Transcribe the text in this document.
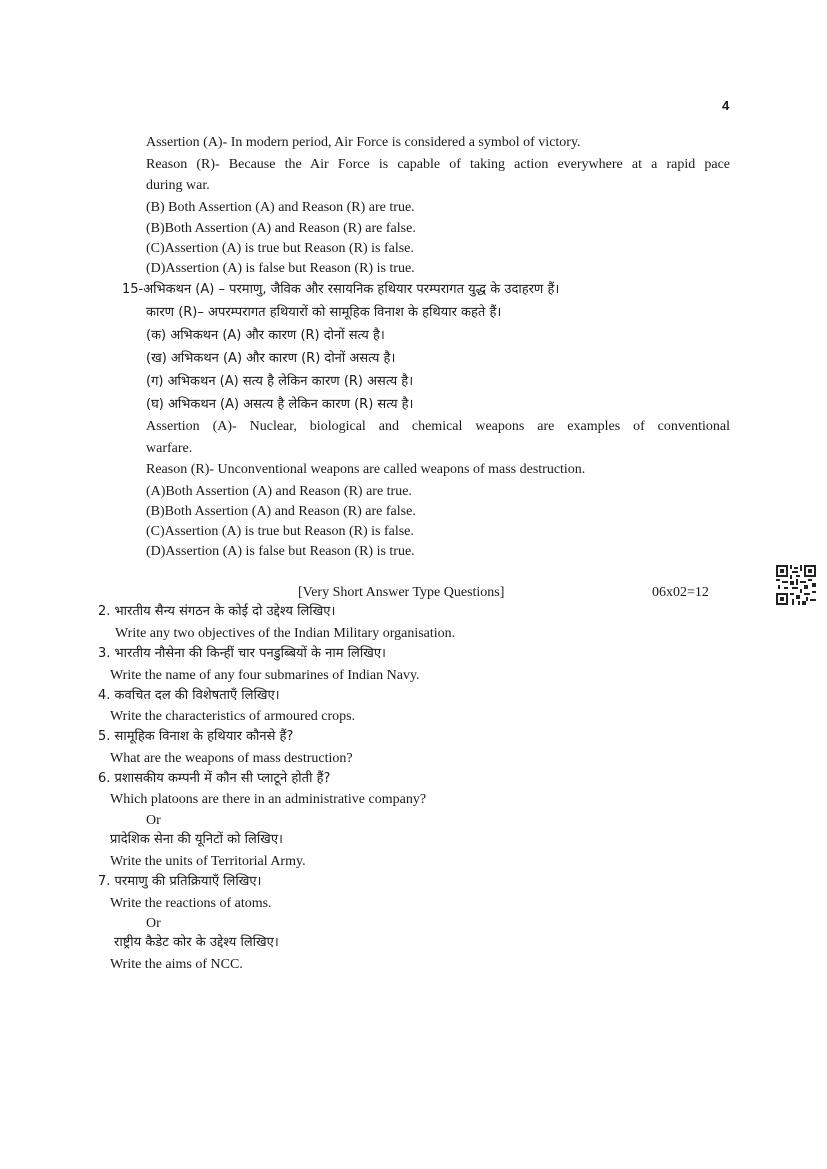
4
Assertion (A)- In modern period, Air Force is considered a symbol of victory.
Reason (R)- Because the Air Force is capable of taking action everywhere at a rapid pace
during war.
(B) Both Assertion (A) and Reason (R) are true.
(B)Both Assertion (A) and Reason (R) are false.
(C)Assertion (A) is true but Reason (R) is false.
(D)Assertion (A) is false but Reason (R) is true.
15-अभिकथन (A) – परमाणु, जैविक और रसायनिक हथियार परम्परागत युद्ध के उदाहरण हैं।
कारण (R)– अपरम्परागत हथियारों को सामूहिक विनाश के हथियार कहते हैं।
(क) अभिकथन (A) और कारण (R) दोनों सत्य है।
(ख) अभिकथन (A) और कारण (R) दोनों असत्य है।
(ग) अभिकथन (A) सत्य है लेकिन कारण (R) असत्य है।
(घ) अभिकथन (A) असत्य है लेकिन कारण (R) सत्य है।
Assertion (A)- Nuclear, biological and chemical weapons are examples of conventional
warfare.
Reason (R)- Unconventional weapons are called weapons of mass destruction.
(A)Both Assertion (A) and Reason (R) are true.
(B)Both Assertion (A) and Reason (R) are false.
(C)Assertion (A) is true but Reason (R) is false.
(D)Assertion (A) is false but Reason (R) is true.
[Very Short Answer Type Questions]	06x02=12
2. भारतीय सैन्य संगठन के कोई दो उद्देश्य लिखिए।
Write any two objectives of the Indian Military organisation.
3. भारतीय नौसेना की किन्हीं चार पनडुब्बियों के नाम लिखिए।
Write the name of any four submarines of Indian Navy.
4. कवचित दल की विशेषताएँ लिखिए।
Write the characteristics of armoured crops.
5. सामूहिक विनाश के हथियार कौनसे हैं?
What are the weapons of mass destruction?
6. प्रशासकीय कम्पनी में कौन सी प्लाटूने होती हैं?
Which platoons are there in an administrative company?
Or
प्रादेशिक सेना की यूनिटों को लिखिए।
Write the units of Territorial Army.
7. परमाणु की प्रतिक्रियाएँ लिखिए।
Write the reactions of atoms.
Or
राष्ट्रीय कैडेट कोर के उद्देश्य लिखिए।
Write the aims of NCC.
